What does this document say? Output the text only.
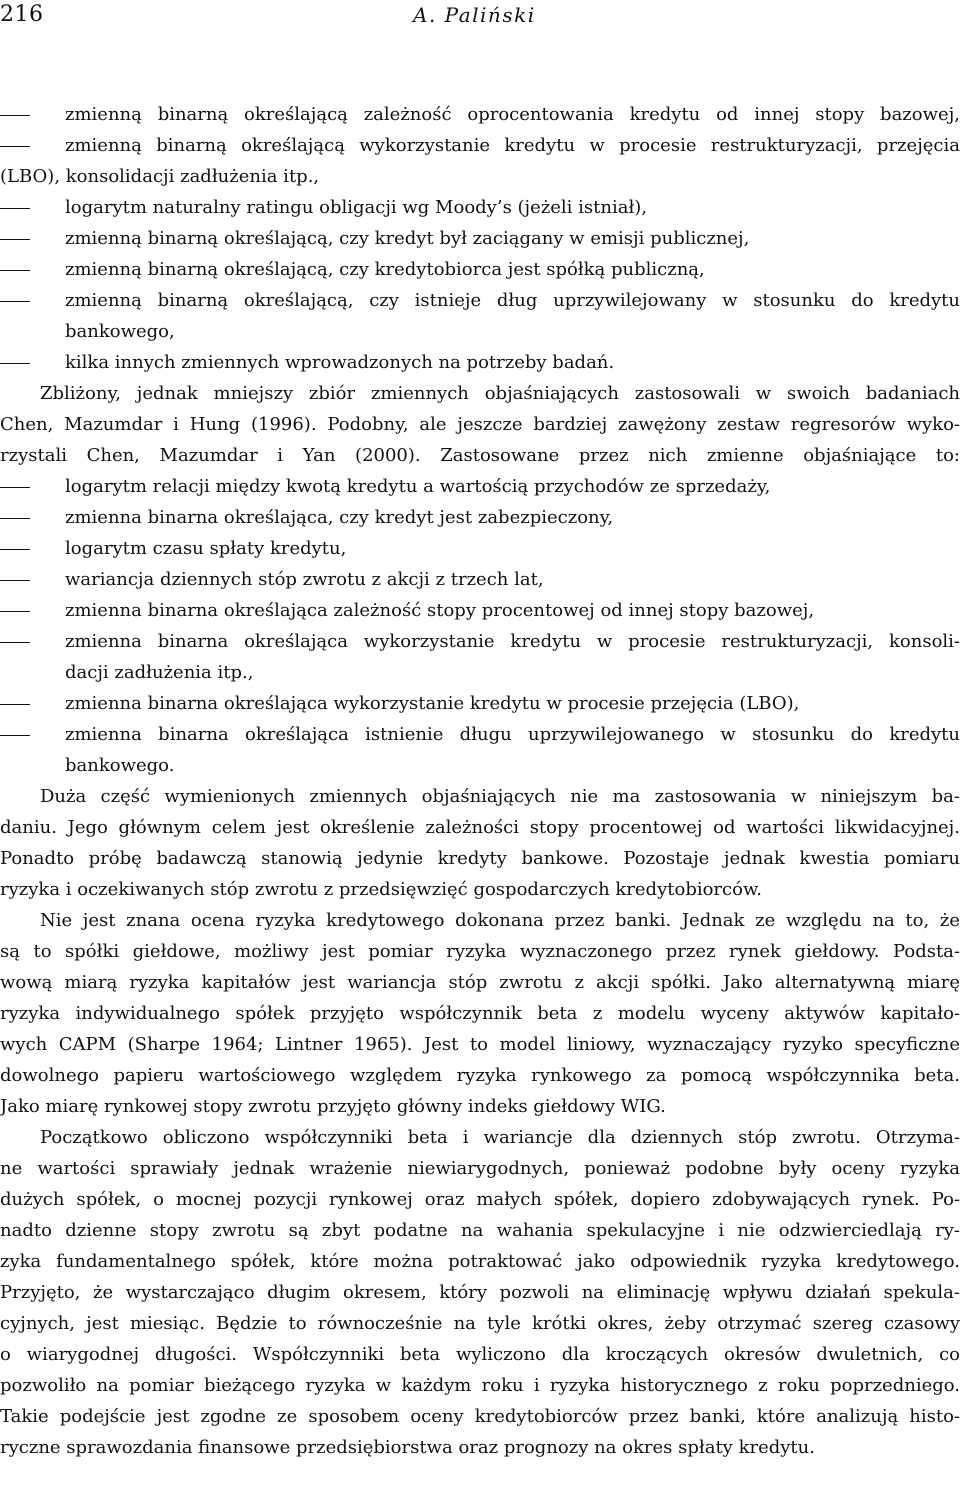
216	A. Paliński
zmienną binarną określającą zależność oprocentowania kredytu od innej stopy bazowej,
zmienną binarną określającą wykorzystanie kredytu w procesie restrukturyzacji, przejęcia
(LBO), konsolidacji zadłużenia itp.,
logarytm naturalny ratingu obligacji wg Moody’s (jeżeli istniał),
zmienną binarną określającą, czy kredyt był zaciągany w emisji publicznej,
zmienną binarną określającą, czy kredytobiorca jest spółką publiczną,
zmienną binarną określającą, czy istnieje dług uprzywilejowany w stosunku do kredytu
bankowego,
kilka innych zmiennych wprowadzonych na potrzeby badań.
Zbliżony, jednak mniejszy zbiór zmiennych objaśniających zastosowali w swoich badaniach
Chen, Mazumdar i Hung (1996). Podobny, ale jeszcze bardziej zawężony zestaw regresorów wyko-
rzystali Chen, Mazumdar i Yan (2000). Zastosowane przez nich zmienne objaśniające to:
logarytm relacji między kwotą kredytu a wartością przychodów ze sprzedaży,
zmienna binarna określająca, czy kredyt jest zabezpieczony,
logarytm czasu spłaty kredytu,
wariancja dziennych stóp zwrotu z akcji z trzech lat,
zmienna binarna określająca zależność stopy procentowej od innej stopy bazowej,
zmienna binarna określająca wykorzystanie kredytu w procesie restrukturyzacji, konsoli-
dacji zadłużenia itp.,
zmienna binarna określająca wykorzystanie kredytu w procesie przejęcia (LBO),
zmienna binarna określająca istnienie długu uprzywilejowanego w stosunku do kredytu
bankowego.
Duża część wymienionych zmiennych objaśniających nie ma zastosowania w niniejszym ba-
daniu. Jego głównym celem jest określenie zależności stopy procentowej od wartości likwidacyjnej.
Ponadto próbę badawczą stanowią jedynie kredyty bankowe. Pozostaje jednak kwestia pomiaru
ryzyka i oczekiwanych stóp zwrotu z przedsięwzięć gospodarczych kredytobiorców.
Nie jest znana ocena ryzyka kredytowego dokonana przez banki. Jednak ze względu na to, że
są to spółki giełdowe, możliwy jest pomiar ryzyka wyznaczonego przez rynek giełdowy. Podsta-
wową miarą ryzyka kapitałów jest wariancja stóp zwrotu z akcji spółki. Jako alternatywną miarę
ryzyka indywidualnego spółek przyjęto współczynnik beta z modelu wyceny aktywów kapitało-
wych CAPM (Sharpe 1964; Lintner 1965). Jest to model liniowy, wyznaczający ryzyko specyficzne
dowolnego papieru wartościowego względem ryzyka rynkowego za pomocą współczynnika beta.
Jako miarę rynkowej stopy zwrotu przyjęto główny indeks giełdowy WIG.
Początkowo obliczono współczynniki beta i wariancje dla dziennych stóp zwrotu. Otrzyma-
ne wartości sprawiały jednak wrażenie niewiarygodnych, ponieważ podobne były oceny ryzyka
dużych spółek, o mocnej pozycji rynkowej oraz małych spółek, dopiero zdobywających rynek. Po-
nadto dzienne stopy zwrotu są zbyt podatne na wahania spekulacyjne i nie odzwierciedlają ry-
zyka fundamentalnego spółek, które można potraktować jako odpowiednik ryzyka kredytowego.
Przyjęto, że wystarczająco długim okresem, który pozwoli na eliminację wpływu działań spekula-
cyjnych, jest miesiąc. Będzie to równocześnie na tyle krótki okres, żeby otrzymać szereg czasowy
o wiarygodnej długości. Współczynniki beta wyliczono dla kroczących okresów dwuletnich, co
pozwoliło na pomiar bieżącego ryzyka w każdym roku i ryzyka historycznego z roku poprzedniego.
Takie podejście jest zgodne ze sposobem oceny kredytobiorców przez banki, które analizują histo-
ryczne sprawozdania finansowe przedsiębiorstwa oraz prognozy na okres spłaty kredytu.
